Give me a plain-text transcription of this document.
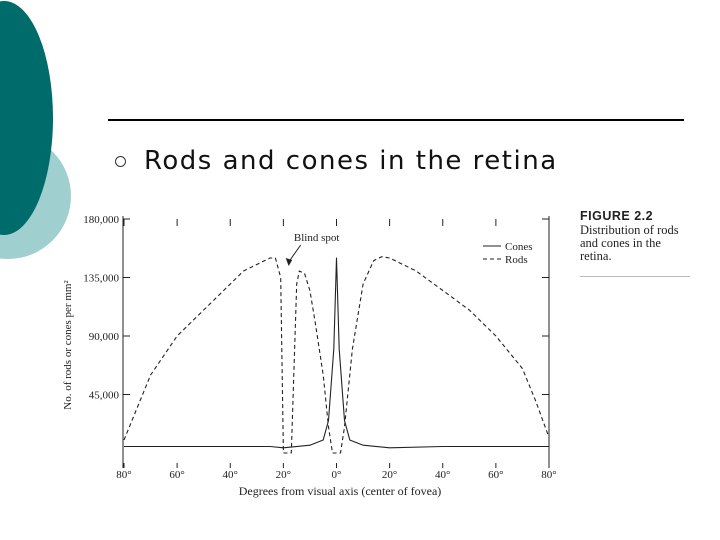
Rods and cones in the retina
45,000
90,000
135,000
180,000
80°	60°	40°	20°	0°	20°	40°	60°	80°
Cones
Rods
Blind spot
Degrees from visual axis (center of fovea)
No. of rods or cones per mm²
FIGURE 2.2
Distribution of rods and cones in the retina.
